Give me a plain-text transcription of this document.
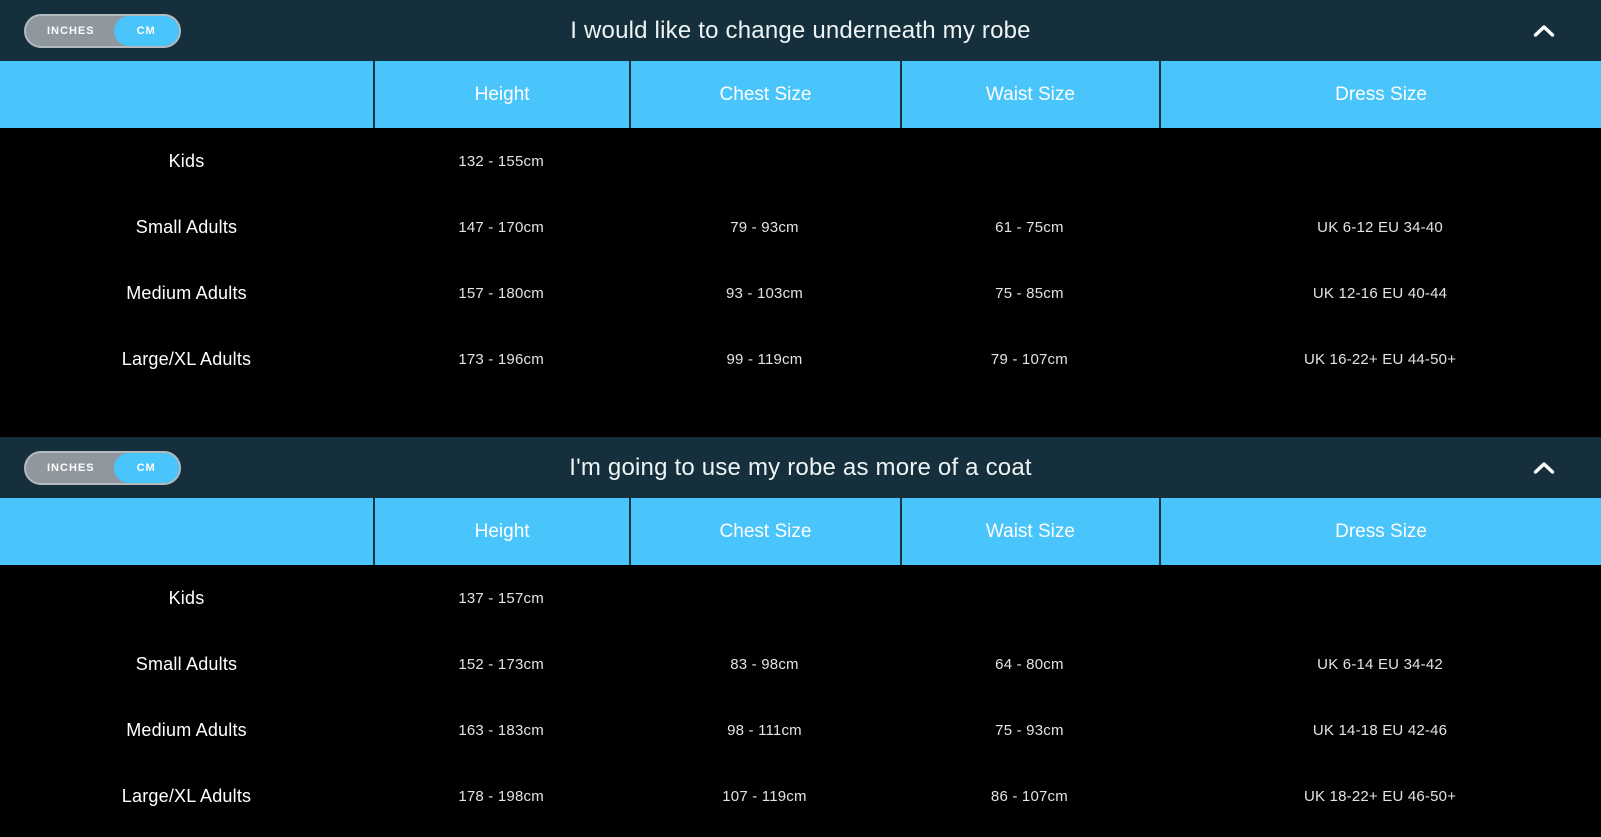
INCHES	CM	I would like to change underneath my robe
Height	Chest Size	Waist Size	Dress Size
Kids	132 - 155cm
Small Adults	147 - 170cm	79 - 93cm	61 - 75cm	UK 6-12 EU 34-40
Medium Adults	157 - 180cm	93 - 103cm	75 - 85cm	UK 12-16 EU 40-44
Large/XL Adults	173 - 196cm	99 - 119cm	79 - 107cm	UK 16-22+ EU 44-50+
INCHES	CM	I'm going to use my robe as more of a coat
Height	Chest Size	Waist Size	Dress Size
Kids	137 - 157cm
Small Adults	152 - 173cm	83 - 98cm	64 - 80cm	UK 6-14 EU 34-42
Medium Adults	163 - 183cm	98 - 111cm	75 - 93cm	UK 14-18 EU 42-46
Large/XL Adults	178 - 198cm	107 - 119cm	86 - 107cm	UK 18-22+ EU 46-50+
